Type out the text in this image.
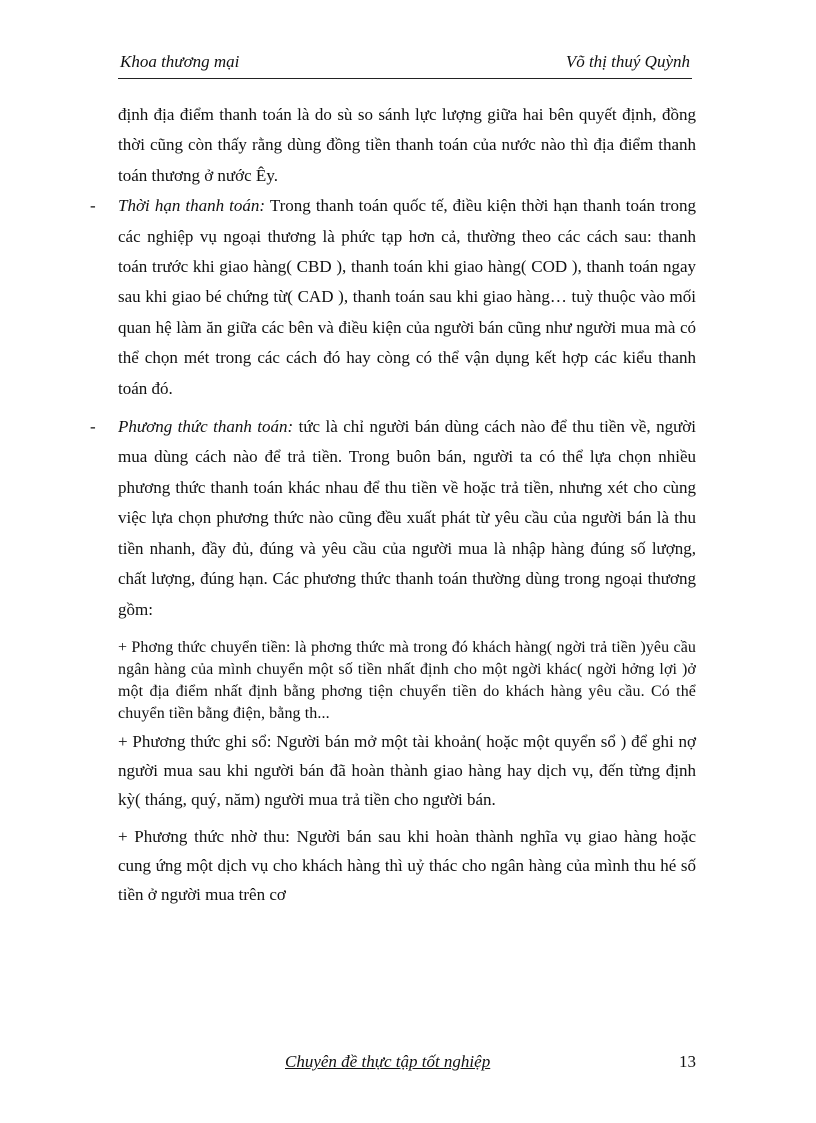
Khoa thương mại	Võ thị thuý Quỳnh

định địa điểm thanh toán là do sù so sánh lực lượng giữa hai bên quyết định, đồng thời cũng còn thấy rằng dùng đồng tiền thanh toán của nước nào thì địa điểm thanh toán thương ở nước Êy.

- Thời hạn thanh toán: Trong thanh toán quốc tế, điều kiện thời hạn thanh toán trong các nghiệp vụ ngoại thương là phức tạp hơn cả, thường theo các cách sau: thanh toán trước khi giao hàng( CBD ), thanh toán khi giao hàng( COD ), thanh toán ngay sau khi giao bé chứng từ( CAD ), thanh toán sau khi giao hàng… tuỳ thuộc vào mối quan hệ làm ăn giữa các bên và điều kiện của người bán cũng như người mua mà có thể chọn mét trong các cách đó hay còng có thể vận dụng kết hợp các kiểu thanh toán đó.

- Phương thức thanh toán: tức là chỉ người bán dùng cách nào để thu tiền về, người mua dùng cách nào để trả tiền. Trong buôn bán, người ta có thể lựa chọn nhiều phương thức thanh toán khác nhau để thu tiền về hoặc trả tiền, nhưng xét cho cùng việc lựa chọn phương thức nào cũng đều xuất phát từ yêu cầu của người bán là thu tiền nhanh, đầy đủ, đúng và yêu cầu của người mua là nhập hàng đúng số lượng, chất lượng, đúng hạn. Các phương thức thanh toán thường dùng trong ngoại thương gồm:

+ Phơng thức chuyển tiền: là phơng thức mà trong đó khách hàng( ngời trả tiền )yêu cầu ngân hàng của mình chuyển một số tiền nhất định cho một ngời khác( ngời hởng lợi )ở một địa điểm nhất định bằng phơng tiện chuyển tiền do khách hàng yêu cầu. Có thể chuyển tiền bằng điện, bằng th...

+ Phương thức ghi sổ: Người bán mở một tài khoản( hoặc một quyển sổ ) để ghi nợ người mua sau khi người bán đã hoàn thành giao hàng hay dịch vụ, đến từng định kỳ( tháng, quý, năm) người mua trả tiền cho người bán.

+ Phương thức nhờ thu: Người bán sau khi hoàn thành nghĩa vụ giao hàng hoặc cung ứng một dịch vụ cho khách hàng thì uỷ thác cho ngân hàng của mình thu hé số tiền ở người mua trên cơ

Chuyên đề thực tập tốt nghiệp	13
